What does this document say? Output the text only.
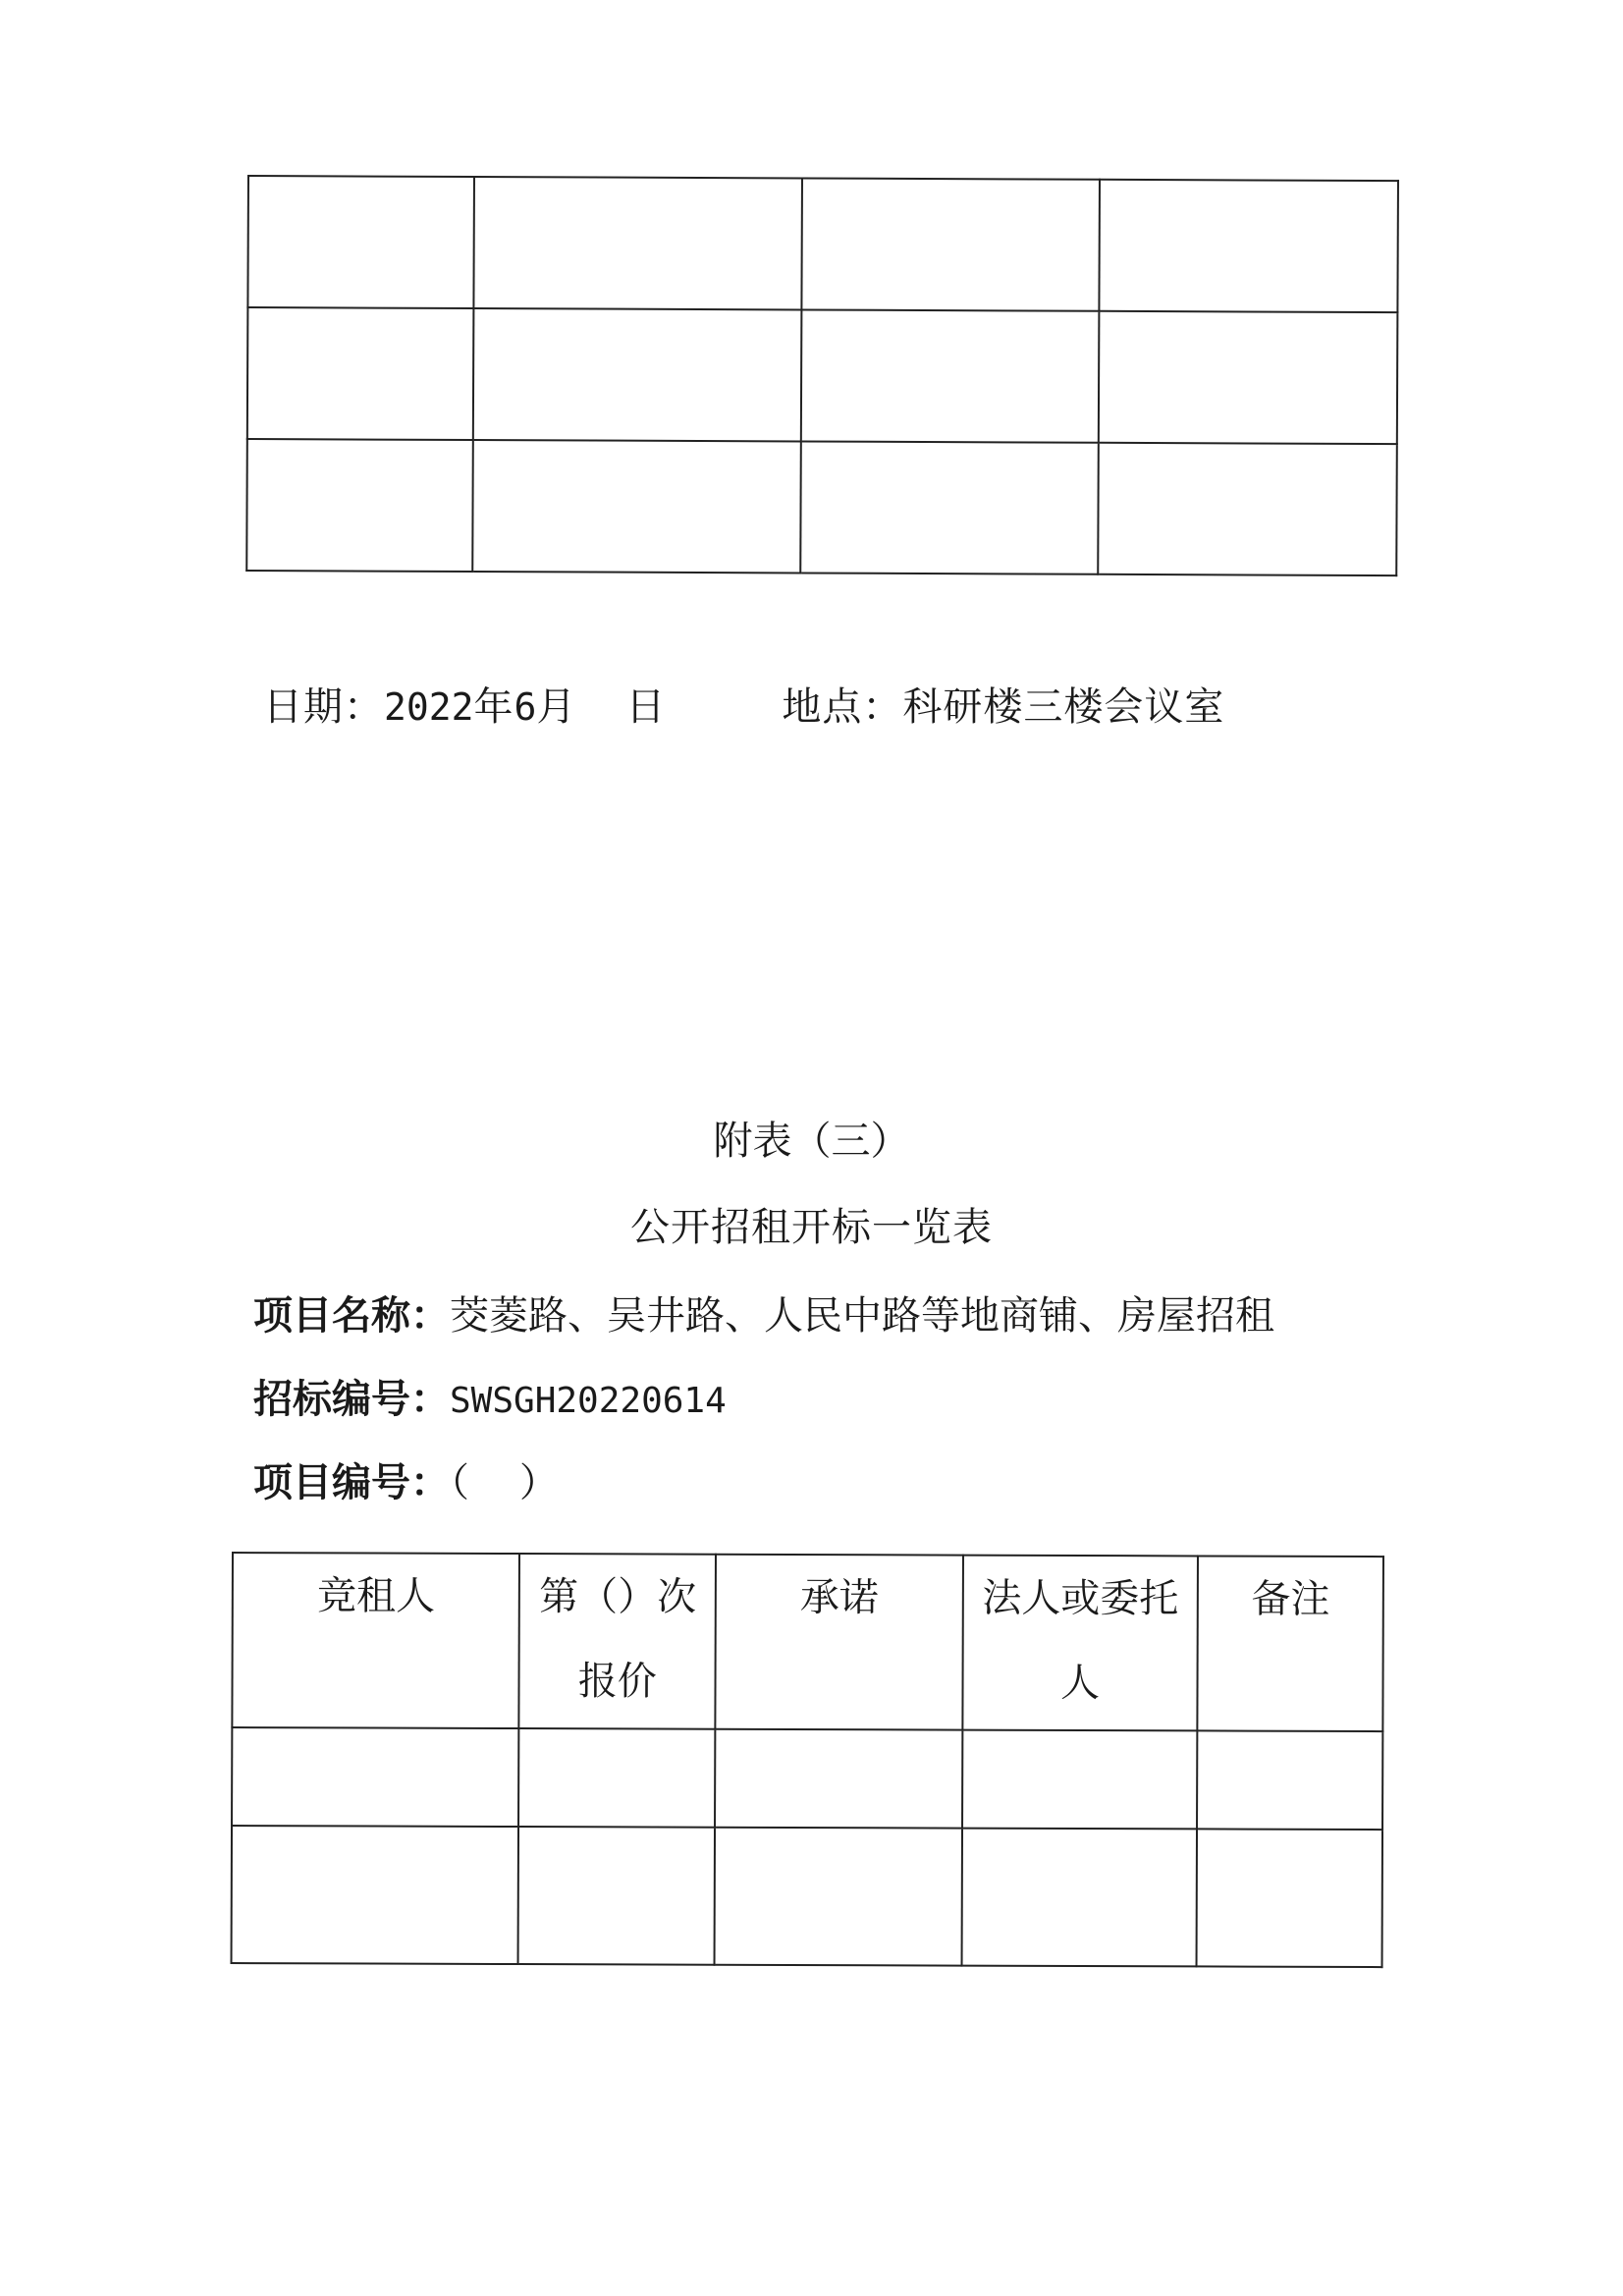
日期：2022年6月 日	地点：科研楼三楼会议室
附表（三）
公开招租开标一览表
项目名称：茭菱路、吴井路、人民中路等地商铺、房屋招租
招标编号：SWSGH20220614
项目编号：（    ）
竞租人	第（）次报价	承诺	法人或委托人	备注
